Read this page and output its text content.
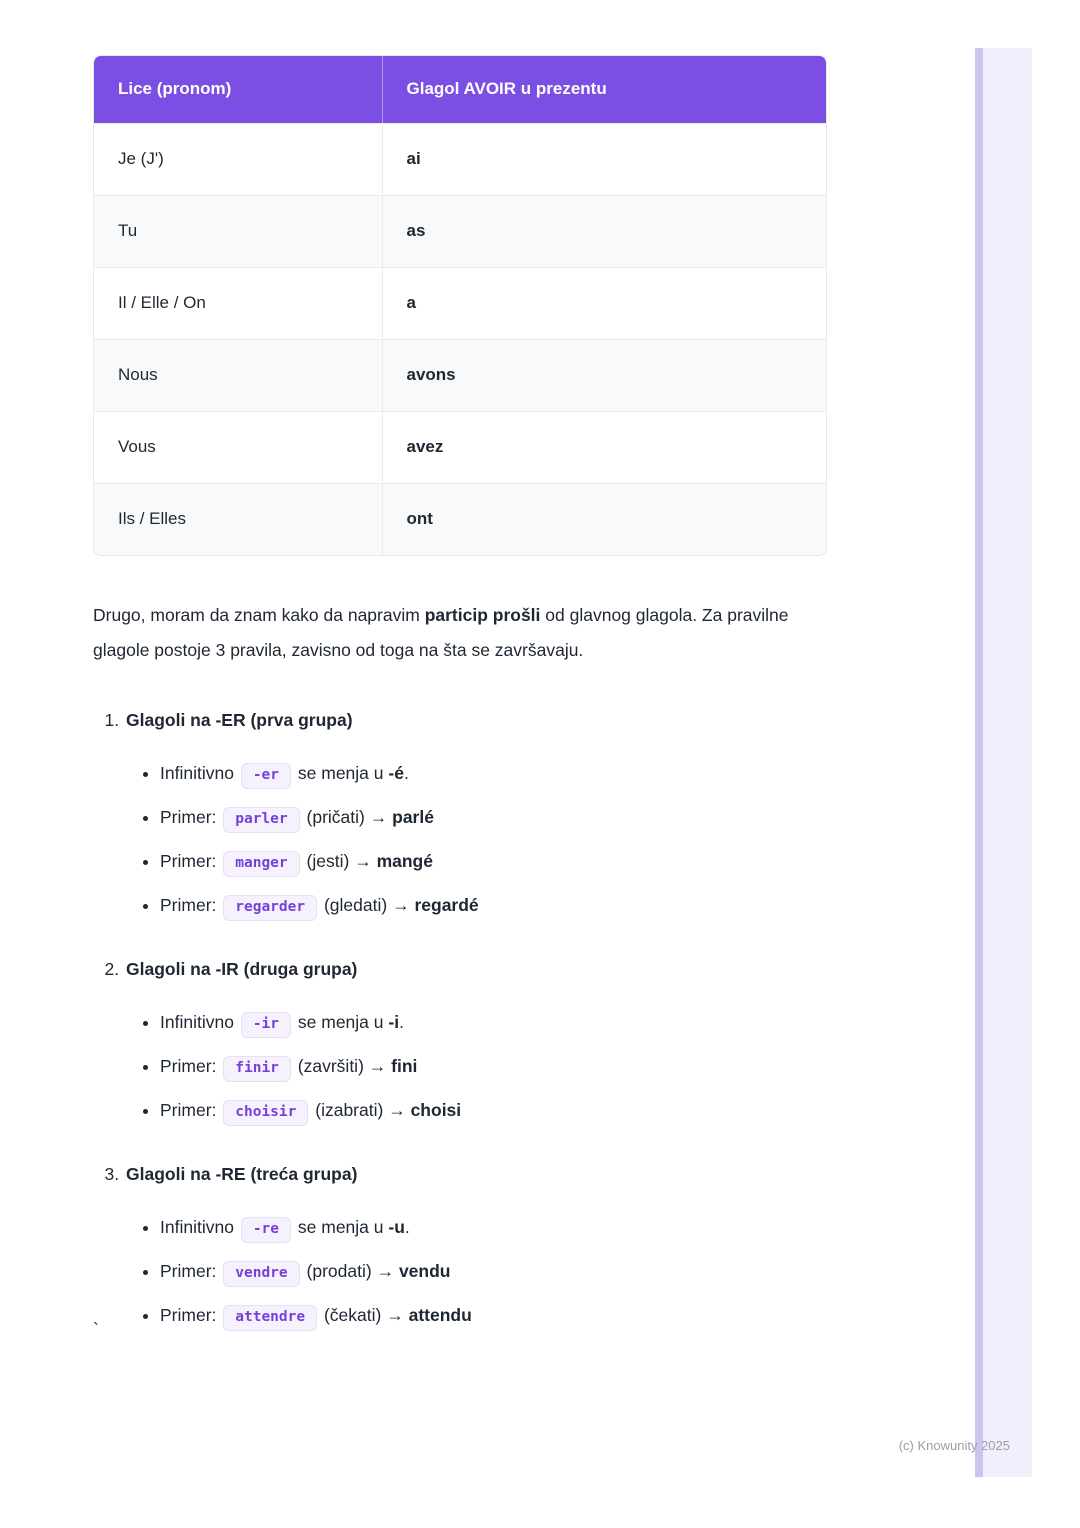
Lice (pronom)	Glagol AVOIR u prezentu
Je (J')	ai
Tu	as
Il / Elle / On	a
Nous	avons
Vous	avez
Ils / Elles	ont

Drugo, moram da znam kako da napravim particip prošli od glavnog glagola. Za pravilne glagole postoje 3 pravila, zavisno od toga na šta se završavaju.

1. Glagoli na -ER (prva grupa)
• Infinitivno -er se menja u -é.
• Primer: parler (pričati) → parlé
• Primer: manger (jesti) → mangé
• Primer: regarder (gledati) → regardé
2. Glagoli na -IR (druga grupa)
• Infinitivno -ir se menja u -i.
• Primer: finir (završiti) → fini
• Primer: choisir (izabrati) → choisi
3. Glagoli na -RE (treća grupa)
• Infinitivno -re se menja u -u.
• Primer: vendre (prodati) → vendu
• Primer: attendre (čekati) → attendu
`
(c) Knowunity 2025
